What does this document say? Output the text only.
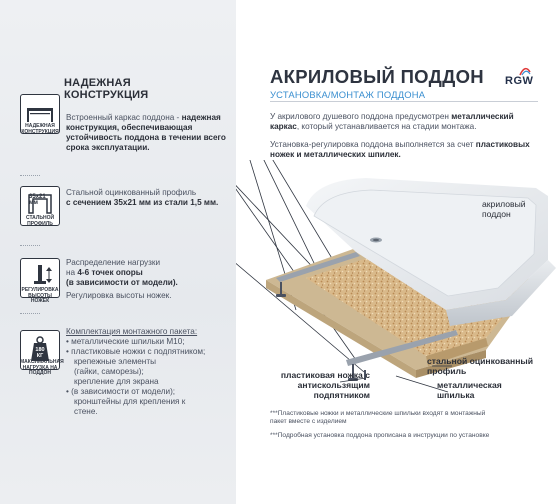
НАДЕЖНАЯ КОНСТРУКЦИЯ
НАДЕЖНАЯ КОНСТРУКЦИЯ
Встроенный каркас поддона - надежная конструкция, обеспечивающая устойчивость поддона в течении всего срока эксплуатации.
35x21 мм
СТАЛЬНОЙ ПРОФИЛЬ
Стальной оцинкованный профиль
с сечением 35x21 мм из стали 1,5 мм.
РЕГУЛИРОВКА ВЫСОТЫ НОЖЕК
Распределение нагрузки
на 4-6 точек опоры
(в зависимости от модели).
Регулировка высоты ножек.
180 КГ
МАКСИМАЛЬНАЯ НАГРУЗКА НА ПОДДОН
Комплектация монтажного пакета:
• металлические шпильки М10;
• пластиковые ножки с подпятником;
крепежные элементы
(гайки, саморезы);
крепление для экрана
• (в зависимости от модели);
кронштейны для крепления к
стене.
АКРИЛОВЫЙ ПОДДОН
УСТАНОВКА/МОНТАЖ ПОДДОНА
RGW
У акрилового душевого поддона предусмотрен металлический каркас, который устанавливается на стадии монтажа.
Установка-регулировка поддона выполняется за счет пластиковых ножек и металлических шпилек.
акриловый поддон
стальной оцинкованный профиль
металлическая шпилька
пластиковая ножка с антискользящим подпятником
***Пластиковые ножки и металлические шпильки входят в монтажный пакет вместе с изделием
***Подробная установка поддона прописана в инструкции по установке
